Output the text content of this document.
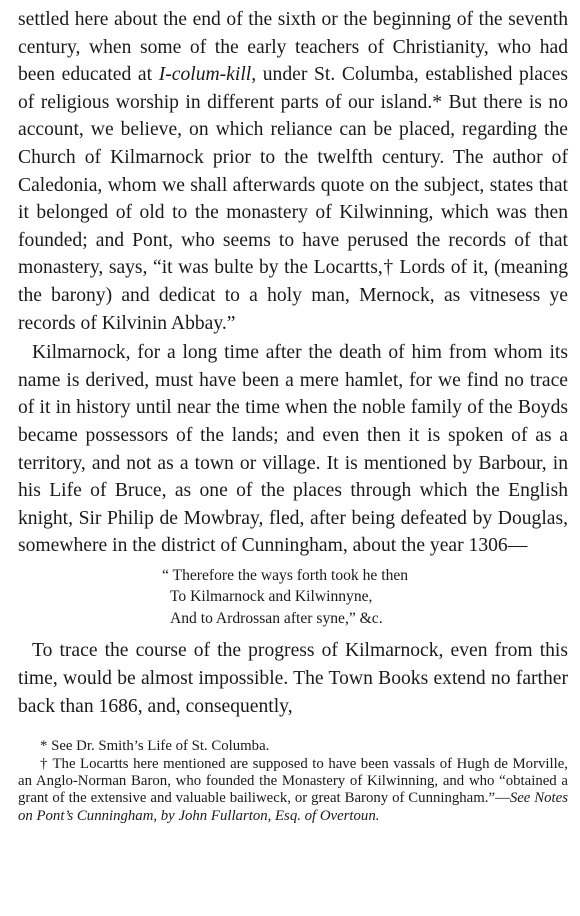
settled here about the end of the sixth or the beginning of the seventh century, when some of the early teachers of Christianity, who had been educated at I-colum-kill, under St. Columba, established places of religious worship in different parts of our island.* But there is no account, we believe, on which reliance can be placed, regarding the Church of Kilmarnock prior to the twelfth century. The author of Caledonia, whom we shall afterwards quote on the subject, states that it belonged of old to the monastery of Kilwinning, which was then founded; and Pont, who seems to have perused the records of that monastery, says, “it was bulte by the Locartts,† Lords of it, (meaning the barony) and dedicat to a holy man, Mernock, as vitnesess ye records of Kilvinin Abbay.”

Kilmarnock, for a long time after the death of him from whom its name is derived, must have been a mere hamlet, for we find no trace of it in history until near the time when the noble family of the Boyds became possessors of the lands; and even then it is spoken of as a territory, and not as a town or village. It is mentioned by Barbour, in his Life of Bruce, as one of the places through which the English knight, Sir Philip de Mowbray, fled, after being defeated by Douglas, somewhere in the district of Cunningham, about the year 1306—

“ Therefore the ways forth took he then
To Kilmarnock and Kilwinnyne,
And to Ardrossan after syne,” &c.

To trace the course of the progress of Kilmarnock, even from this time, would be almost impossible. The Town Books extend no farther back than 1686, and, consequently,

* See Dr. Smith’s Life of St. Columba.

† The Locartts here mentioned are supposed to have been vassals of Hugh de Morville, an Anglo-Norman Baron, who founded the Monastery of Kilwinning, and who “obtained a grant of the extensive and valuable bailiweck, or great Barony of Cunningham.”—See Notes on Pont’s Cunningham, by John Fullarton, Esq. of Overtoun.
